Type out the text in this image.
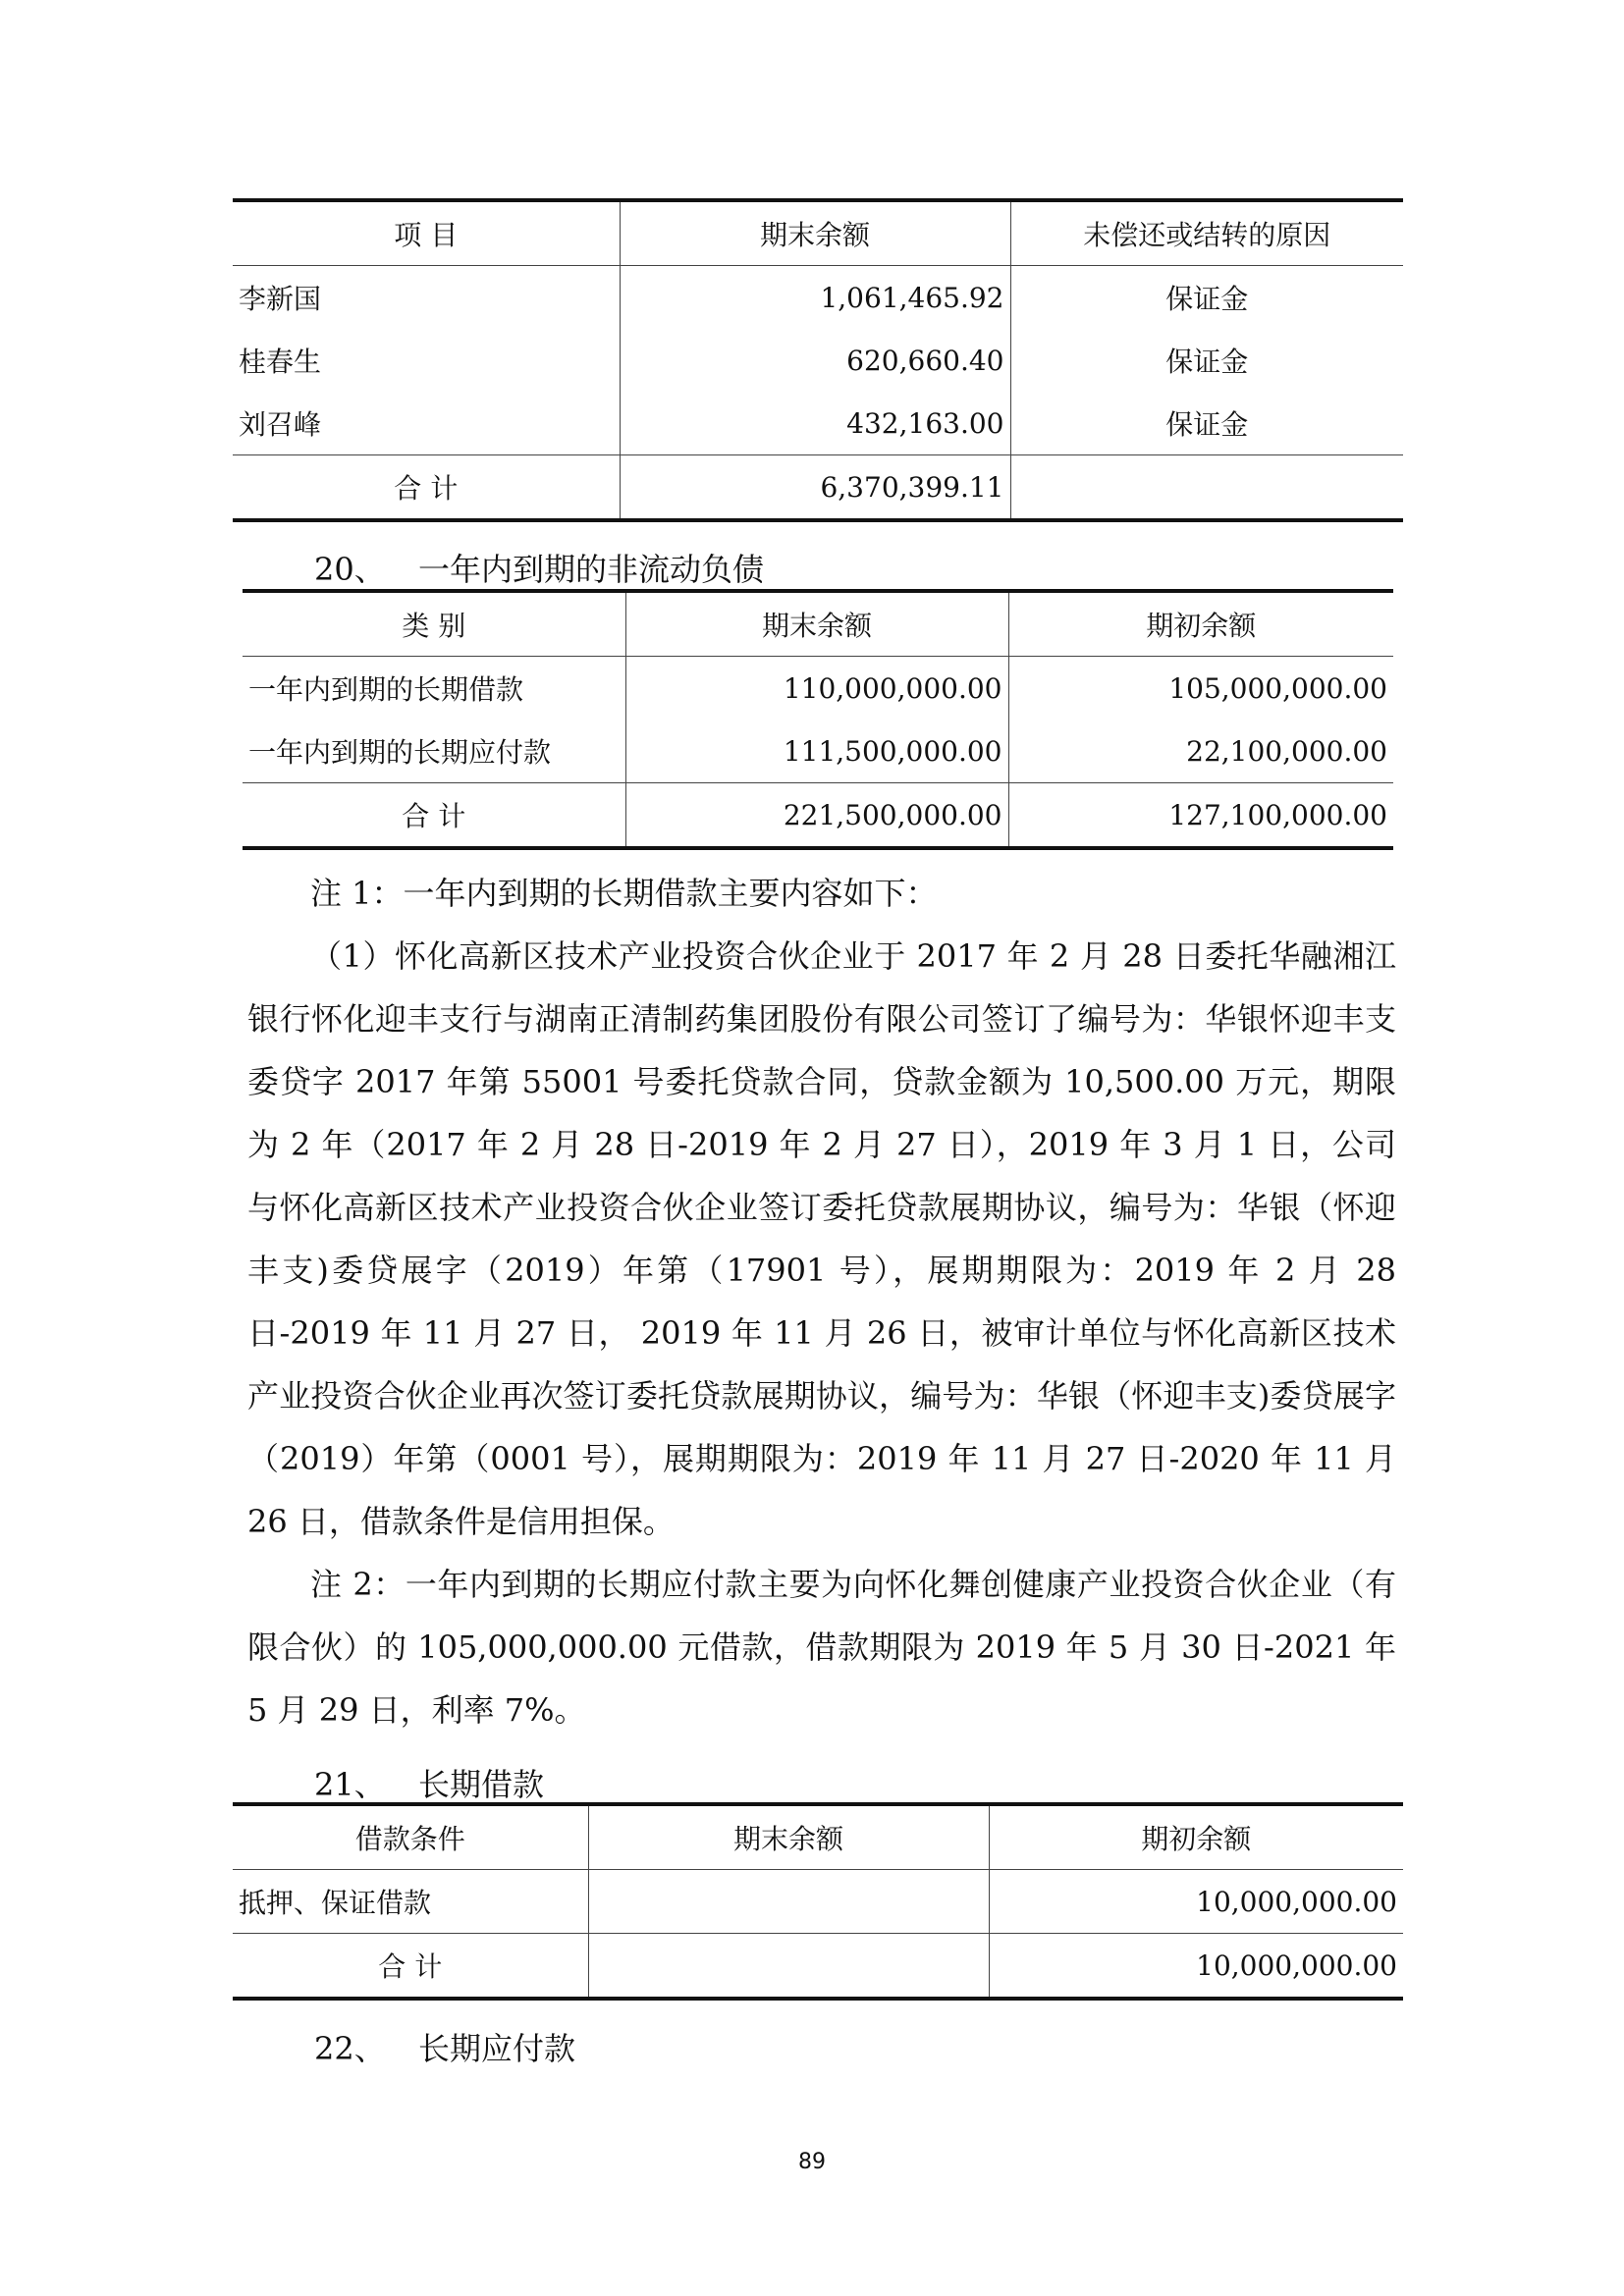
项 目	期末余额	未偿还或结转的原因
李新国	1,061,465.92	保证金
桂春生	620,660.40	保证金
刘召峰	432,163.00	保证金
合 计	6,370,399.11	
20、 一年内到期的非流动负债
类 别	期末余额	期初余额
一年内到期的长期借款	110,000,000.00	105,000,000.00
一年内到期的长期应付款	111,500,000.00	22,100,000.00
合 计	221,500,000.00	127,100,000.00

注 1：一年内到期的长期借款主要内容如下：

（1）怀化高新区技术产业投资合伙企业于 2017 年 2 月 28 日委托华融湘江银行怀化迎丰支行与湖南正清制药集团股份有限公司签订了编号为：华银怀迎丰支委贷字 2017 年第 55001 号委托贷款合同，贷款金额为 10,500.00 万元，期限为 2 年（2017 年 2 月 28 日-2019 年 2 月 27 日），2019 年 3 月 1 日，公司与怀化高新区技术产业投资合伙企业签订委托贷款展期协议，编号为：华银（怀迎丰支)委贷展字（2019）年第（17901 号），展期期限为：2019 年 2 月 28 日-2019 年 11 月 27 日， 2019 年 11 月 26 日，被审计单位与怀化高新区技术产业投资合伙企业再次签订委托贷款展期协议，编号为：华银（怀迎丰支)委贷展字（2019）年第（0001 号），展期期限为：2019 年 11 月 27 日-2020 年 11 月 26 日，借款条件是信用担保。

注 2：一年内到期的长期应付款主要为向怀化舞创健康产业投资合伙企业（有限合伙）的 105,000,000.00 元借款，借款期限为 2019 年 5 月 30 日-2021 年 5 月 29 日，利率 7%。

21、 长期借款
借款条件	期末余额	期初余额
抵押、保证借款		10,000,000.00
合 计		10,000,000.00
22、 长期应付款
89
